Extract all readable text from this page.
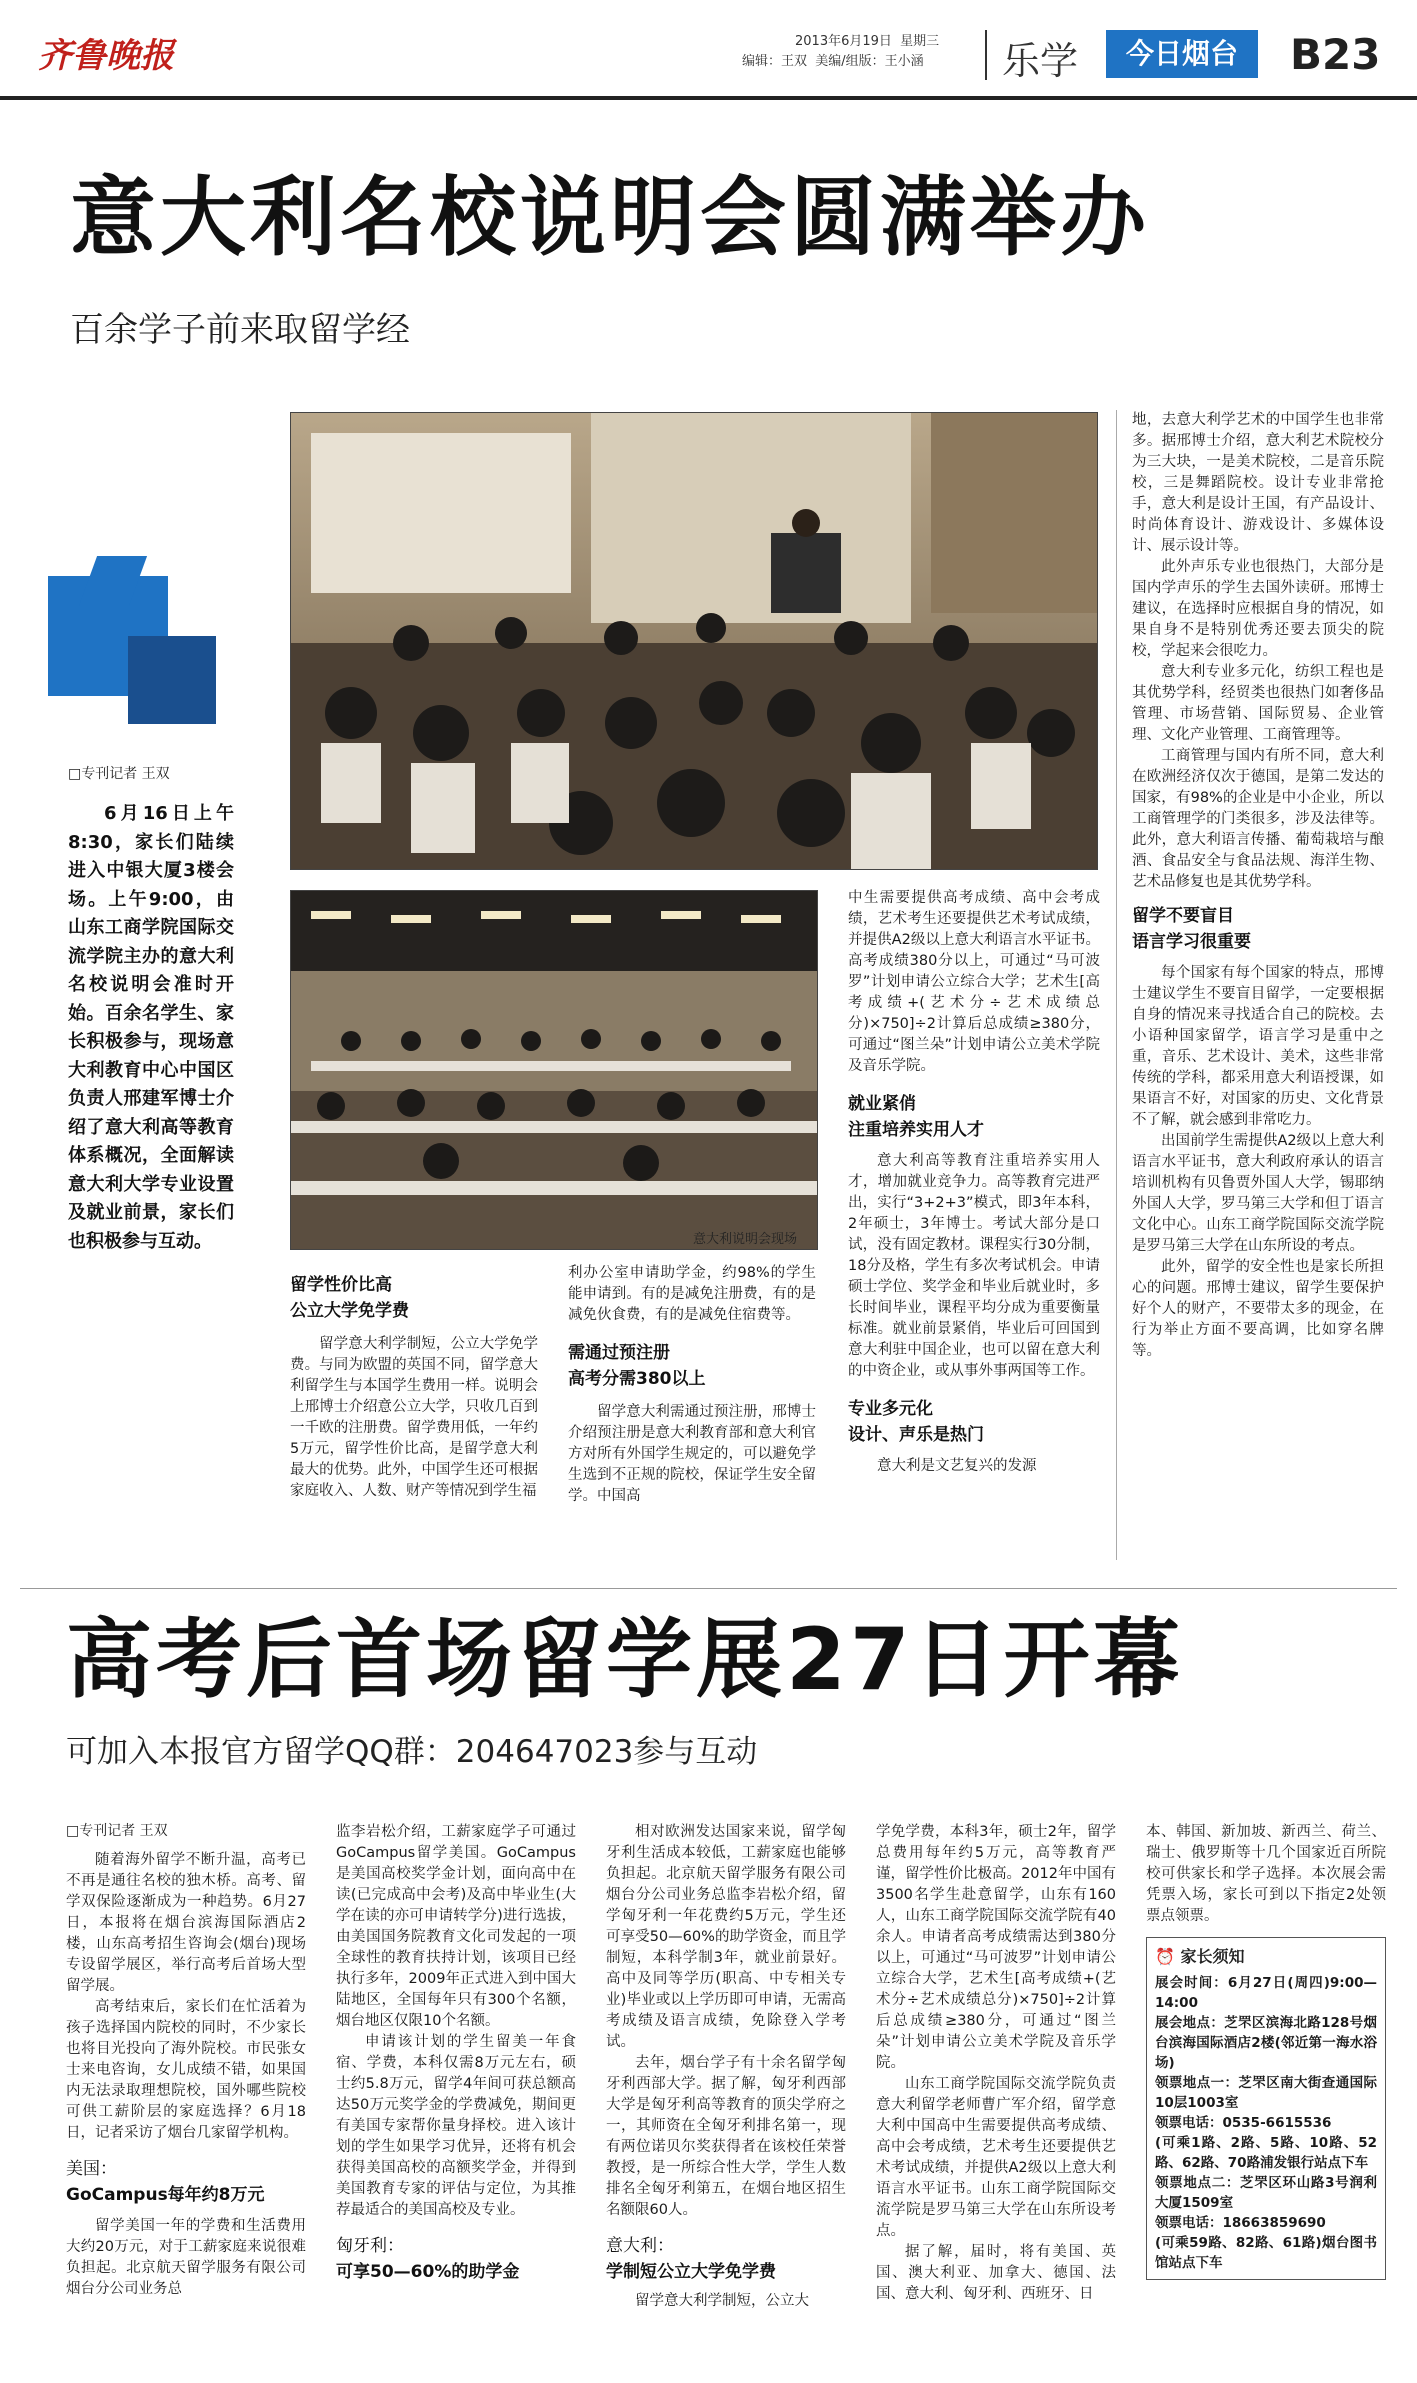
齐鲁晚报	2013年6月19日  星期三
编辑：王双  美编/组版：王小涵 乐学	今日烟台	B23
意大利名校说明会圆满举办
百余学子前来取留学经
□专刊记者 王双

6月16日上午8:30，家长们陆续进入中银大厦3楼会场。上午9:00，由山东工商学院国际交流学院主办的意大利名校说明会准时开始。百余名学生、家长积极参与，现场意大利教育中心中国区负责人邢建军博士介绍了意大利高等教育体系概况，全面解读意大利大学专业设置及就业前景，家长们也积极参与互动。	意大利说明会现场
留学性价比高
公立大学免学费

留学意大利学制短，公立大学免学费。与同为欧盟的英国不同，留学意大利留学生与本国学生费用一样。说明会上邢博士介绍意公立大学，只收几百到一千欧的注册费。留学费用低，一年约5万元，留学性价比高，是留学意大利最大的优势。此外，中国学生还可根据家庭收入、人数、财产等情况到学生福

利办公室申请助学金，约98%的学生能申请到。有的是减免注册费，有的是减免伙食费，有的是减免住宿费等。

需通过预注册
高考分需380以上

留学意大利需通过预注册，邢博士介绍预注册是意大利教育部和意大利官方对所有外国学生规定的，可以避免学生选到不正规的院校，保证学生安全留学。中国高

中生需要提供高考成绩、高中会考成绩，艺术考生还要提供艺术考试成绩，并提供A2级以上意大利语言水平证书。高考成绩380分以上，可通过“马可波罗”计划申请公立综合大学；艺术生[高考成绩+(艺术分÷艺术成绩总分)×750]÷2计算后总成绩≥380分，可通过“图兰朵”计划申请公立美术学院及音乐学院。

就业紧俏
注重培养实用人才

意大利高等教育注重培养实用人才，增加就业竞争力。高等教育完进严出，实行“3+2+3”模式，即3年本科，2年硕士，3年博士。考试大部分是口试，没有固定教材。课程实行30分制，18分及格，学生有多次考试机会。申请硕士学位、奖学金和毕业后就业时，多长时间毕业，课程平均分成为重要衡量标准。就业前景紧俏，毕业后可回国到意大利驻中国企业，也可以留在意大利的中资企业，或从事外事两国等工作。

专业多元化
设计、声乐是热门

意大利是文艺复兴的发源

地，去意大利学艺术的中国学生也非常多。据邢博士介绍，意大利艺术院校分为三大块，一是美术院校，二是音乐院校，三是舞蹈院校。设计专业非常抢手，意大利是设计王国，有产品设计、时尚体育设计、游戏设计、多媒体设计、展示设计等。

此外声乐专业也很热门，大部分是国内学声乐的学生去国外读研。邢博士建议，在选择时应根据自身的情况，如果自身不是特别优秀还要去顶尖的院校，学起来会很吃力。

意大利专业多元化，纺织工程也是其优势学科，经贸类也很热门如奢侈品管理、市场营销、国际贸易、企业管理、文化产业管理、工商管理等。

工商管理与国内有所不同，意大利在欧洲经济仅次于德国，是第二发达的国家，有98%的企业是中小企业，所以工商管理学的门类很多，涉及法律等。此外，意大利语言传播、葡萄栽培与酿酒、食品安全与食品法规、海洋生物、艺术品修复也是其优势学科。

留学不要盲目
语言学习很重要

每个国家有每个国家的特点，邢博士建议学生不要盲目留学，一定要根据自身的情况来寻找适合自己的院校。去小语种国家留学，语言学习是重中之重，音乐、艺术设计、美术，这些非常传统的学科，都采用意大利语授课，如果语言不好，对国家的历史、文化背景不了解，就会感到非常吃力。

出国前学生需提供A2级以上意大利语言水平证书，意大利政府承认的语言培训机构有贝鲁贾外国人大学，锡耶纳外国人大学，罗马第三大学和但丁语言文化中心。山东工商学院国际交流学院是罗马第三大学在山东所设的考点。

此外，留学的安全性也是家长所担心的问题。邢博士建议，留学生要保护好个人的财产，不要带太多的现金，在行为举止方面不要高调，比如穿名牌等。

高考后首场留学展27日开幕
可加入本报官方留学QQ群：204647023参与互动
□专刊记者 王双

随着海外留学不断升温，高考已不再是通往名校的独木桥。高考、留学双保险逐渐成为一种趋势。6月27日，本报将在烟台滨海国际酒店2楼，山东高考招生咨询会(烟台)现场专设留学展区，举行高考后首场大型留学展。

高考结束后，家长们在忙活着为孩子选择国内院校的同时，不少家长也将目光投向了海外院校。市民张女士来电咨询，女儿成绩不错，如果国内无法录取理想院校，国外哪些院校可供工薪阶层的家庭选择？6月18日，记者采访了烟台几家留学机构。

美国：
GoCampus每年约8万元

留学美国一年的学费和生活费用大约20万元，对于工薪家庭来说很难负担起。北京航天留学服务有限公司烟台分公司业务总

监李岩松介绍，工薪家庭学子可通过GoCampus留学美国。GoCampus是美国高校奖学金计划，面向高中在读(已完成高中会考)及高中毕业生(大学在读的亦可申请转学分)进行选拔，由美国国务院教育文化司发起的一项全球性的教育扶持计划，该项目已经执行多年，2009年正式进入到中国大陆地区，全国每年只有300个名额，烟台地区仅限10个名额。

申请该计划的学生留美一年食宿、学费，本科仅需8万元左右，硕士约5.8万元，留学4年间可获总额高达50万元奖学金的学费减免，期间更有美国专家帮你量身择校。进入该计划的学生如果学习优异，还将有机会获得美国高校的高额奖学金，并得到美国教育专家的评估与定位，为其推荐最适合的美国高校及专业。

匈牙利：
可享50—60%的助学金

相对欧洲发达国家来说，留学匈牙利生活成本较低，工薪家庭也能够负担起。北京航天留学服务有限公司烟台分公司业务总监李岩松介绍，留学匈牙利一年花费约5万元，学生还可享受50—60%的助学资金，而且学制短，本科学制3年，就业前景好。高中及同等学历(职高、中专相关专业)毕业或以上学历即可申请，无需高考成绩及语言成绩，免除登入学考试。

去年，烟台学子有十余名留学匈牙利西部大学。据了解，匈牙利西部大学是匈牙利高等教育的顶尖学府之一，其师资在全匈牙利排名第一，现有两位诺贝尔奖获得者在该校任荣誉教授，是一所综合性大学，学生人数排名全匈牙利第五，在烟台地区招生名额限60人。

意大利：
学制短公立大学免学费

留学意大利学制短，公立大

学免学费，本科3年，硕士2年，留学总费用每年约5万元，高等教育严谨，留学性价比极高。2012年中国有3500名学生赴意留学，山东有160人，山东工商学院国际交流学院有40余人。申请者高考成绩需达到380分以上，可通过“马可波罗”计划申请公立综合大学，艺术生[高考成绩+(艺术分÷艺术成绩总分)×750]÷2计算后总成绩≥380分，可通过“图兰朵”计划申请公立美术学院及音乐学院。

山东工商学院国际交流学院负责意大利留学老师曹广军介绍，留学意大利中国高中生需要提供高考成绩、高中会考成绩，艺术考生还要提供艺术考试成绩，并提供A2级以上意大利语言水平证书。山东工商学院国际交流学院是罗马第三大学在山东所设考点。

据了解，届时，将有美国、英国、澳大利亚、加拿大、德国、法国、意大利、匈牙利、西班牙、日

本、韩国、新加坡、新西兰、荷兰、瑞士、俄罗斯等十几个国家近百所院校可供家长和学子选择。本次展会需凭票入场，家长可到以下指定2处领票点领票。

⏰ 家长须知
展会时间：6月27日(周四)9:00—14:00
展会地点：芝罘区滨海北路128号烟台滨海国际酒店2楼(邻近第一海水浴场)
领票地点一：芝罘区南大街查通国际10层1003室
领票电话：0535-6615536
(可乘1路、2路、5路、10路、52路、62路、70路浦发银行站点下车
领票地点二：芝罘区环山路3号润利大厦1509室
领票电话：18663859690
(可乘59路、82路、61路)烟台图书馆站点下车
